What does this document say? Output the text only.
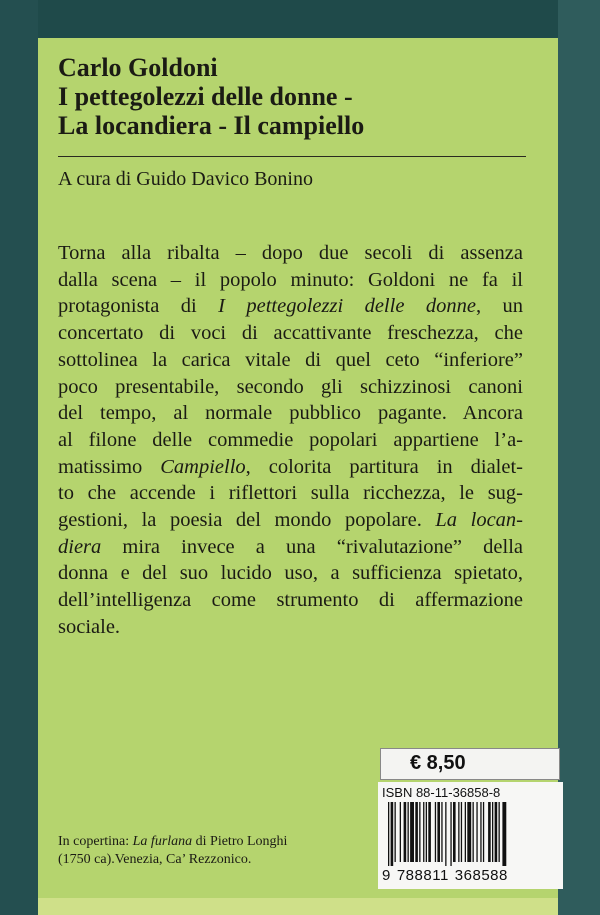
Carlo Goldoni
I pettegolezzi delle donne -
La locandiera - Il campiello
A cura di Guido Davico Bonino
Torna alla ribalta – dopo due secoli di assenza
dalla scena – il popolo minuto: Goldoni ne fa il
protagonista di I pettegolezzi delle donne, un
concertato di voci di accattivante freschezza, che
sottolinea la carica vitale di quel ceto “inferiore”
poco presentabile, secondo gli schizzinosi canoni
del tempo, al normale pubblico pagante. Ancora
al filone delle commedie popolari appartiene l’a-
matissimo Campiello, colorita partitura in dialet-
to che accende i riflettori sulla ricchezza, le sug-
gestioni, la poesia del mondo popolare. La locan-
diera mira invece a una “rivalutazione” della
donna e del suo lucido uso, a sufficienza spietato,
dell’intelligenza come strumento di affermazione
sociale.
In copertina: La furlana di Pietro Longhi
(1750 ca).Venezia, Ca’ Rezzonico.
€ 8,50
ISBN 88-11-36858-8
9 788811 368588
